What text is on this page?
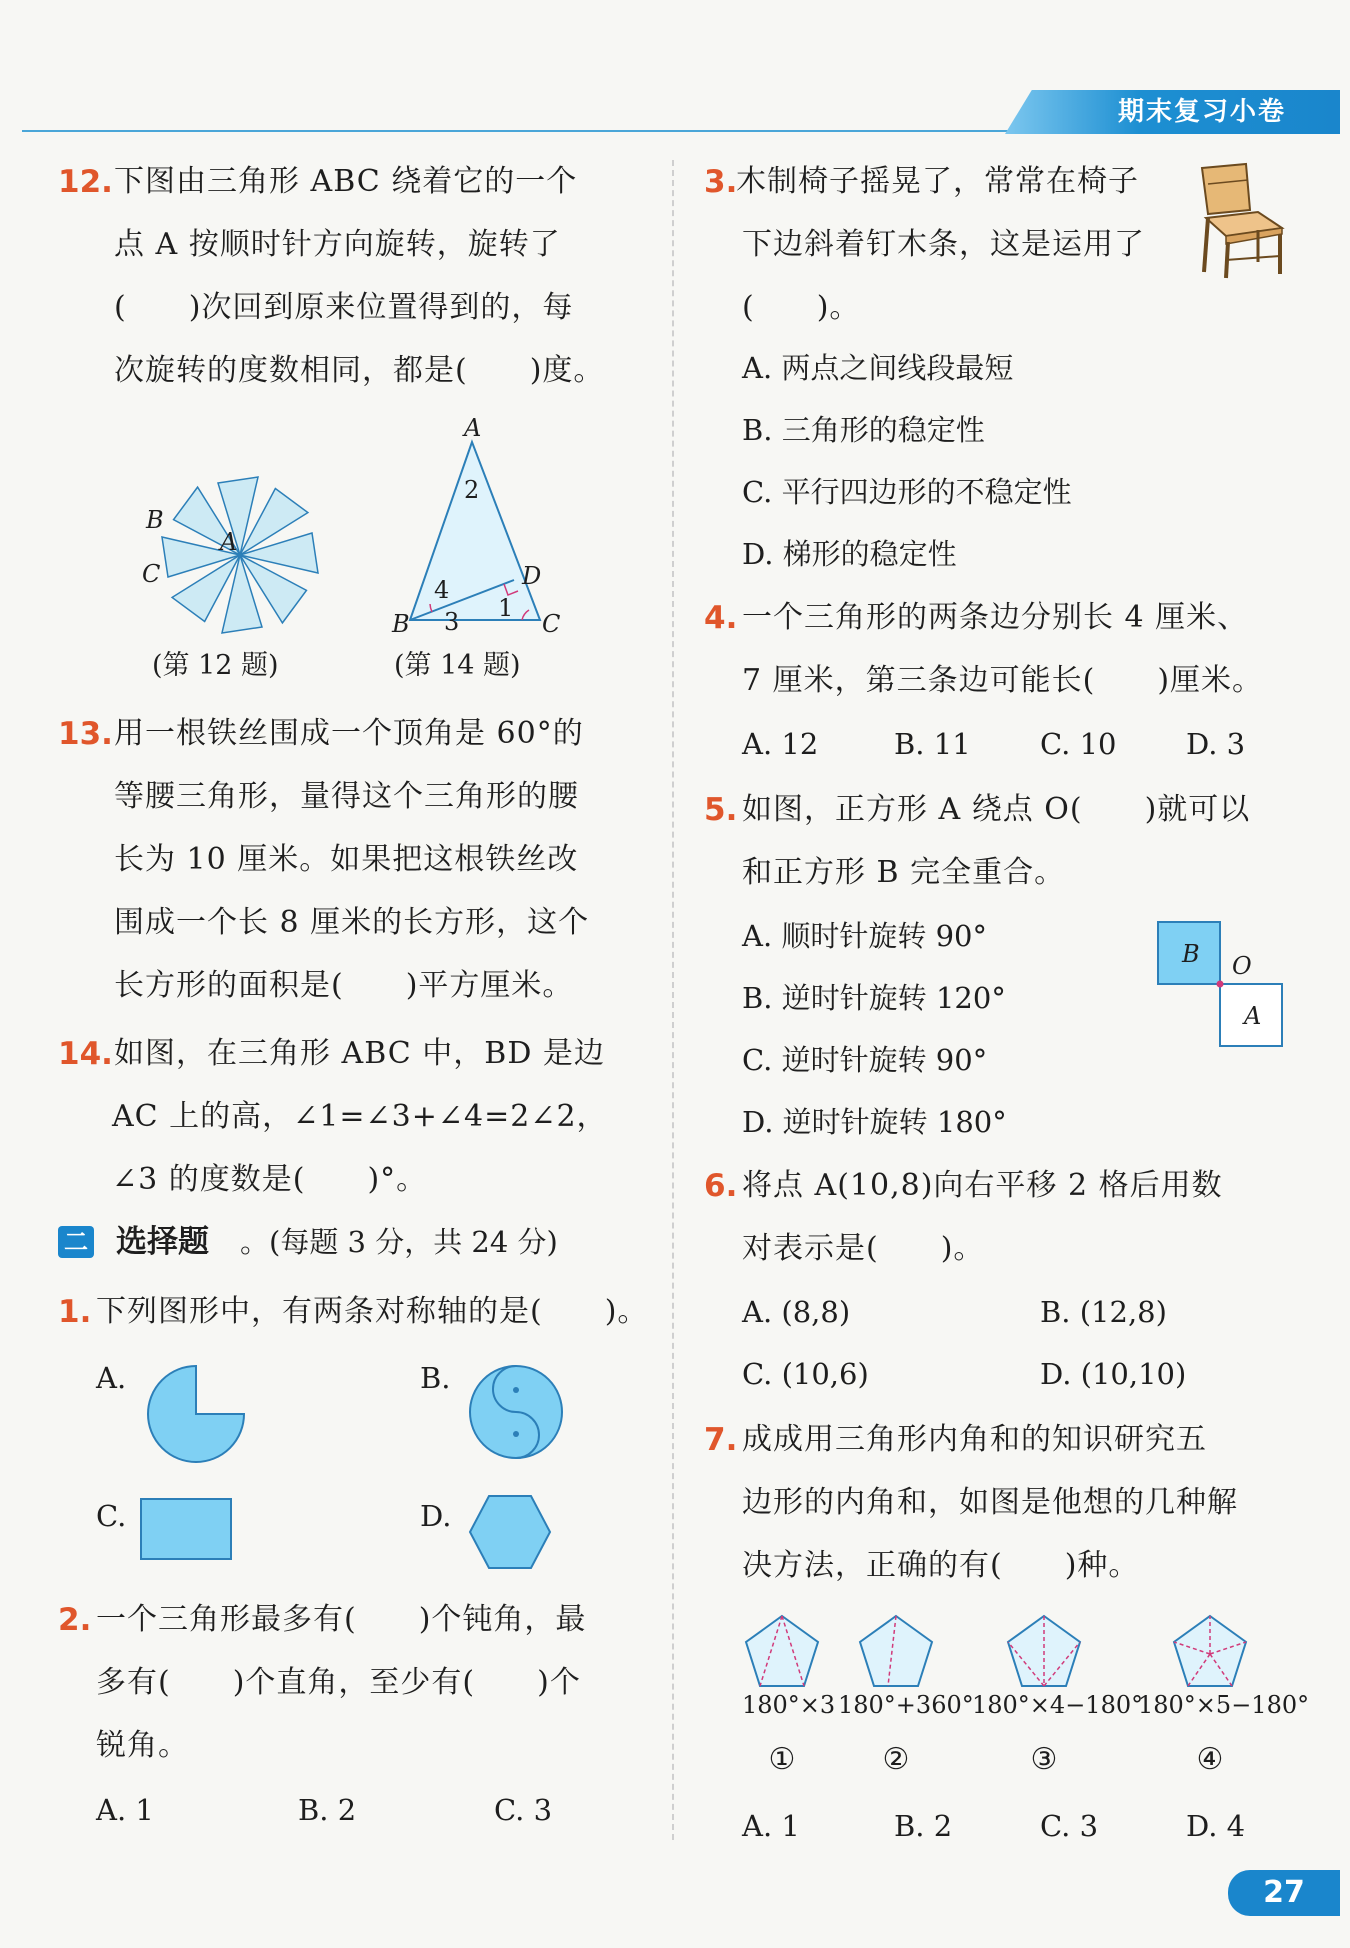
期末复习小卷
12. 下图由三角形 ABC 绕着它的一个
点 A 按顺时针方向旋转，旋转了
(　　)次回到原来位置得到的，每
次旋转的度数相同，都是(　　)度。
B
A
C
(第 12 题)
A
B	C
D
2
4
3 1
(第 14 题)
13. 用一根铁丝围成一个顶角是 60°的
等腰三角形，量得这个三角形的腰
长为 10 厘米。如果把这根铁丝改
围成一个长 8 厘米的长方形，这个
长方形的面积是(　　)平方厘米。
14. 如图，在三角形 ABC 中，BD 是边
AC 上的高，∠1=∠3+∠4=2∠2，
∠3 的度数是(　　)°。
二 选择题 。(每题 3 分，共 24 分)
1. 下列图形中，有两条对称轴的是(　　)。
A.	B.
C.	D.
2. 一个三角形最多有(　　)个钝角，最
多有(　　)个直角，至少有(　　)个
锐角。
A. 1	B. 2	C. 3
3.
木制椅子摇晃了，常常在椅子
下边斜着钉木条，这是运用了
(　　)。
A. 两点之间线段最短
B. 三角形的稳定性
C. 平行四边形的不稳定性
D. 梯形的稳定性
4. 一个三角形的两条边分别长 4 厘米、
7 厘米，第三条边可能长(　　)厘米。
A. 12	B. 11 C. 10 D. 3
5. 如图，正方形 A 绕点 O(　　)就可以
和正方形 B 完全重合。
A. 顺时针旋转 90°
B. 逆时针旋转 120°
C. 逆时针旋转 90°
D. 逆时针旋转 180°
B O
A
6. 将点 A(10,8)向右平移 2 格后用数
对表示是(　　)。
A. (8,8)	B. (12,8)
C. (10,6)	D. (10,10)
7. 成成用三角形内角和的知识研究五
边形的内角和，如图是他想的几种解
决方法，正确的有(　　)种。
180°×3 180°+360°
180°×4−180°
180°×5−180°
①	②	③	④
A. 1	B. 2	C. 3	D. 4
27
